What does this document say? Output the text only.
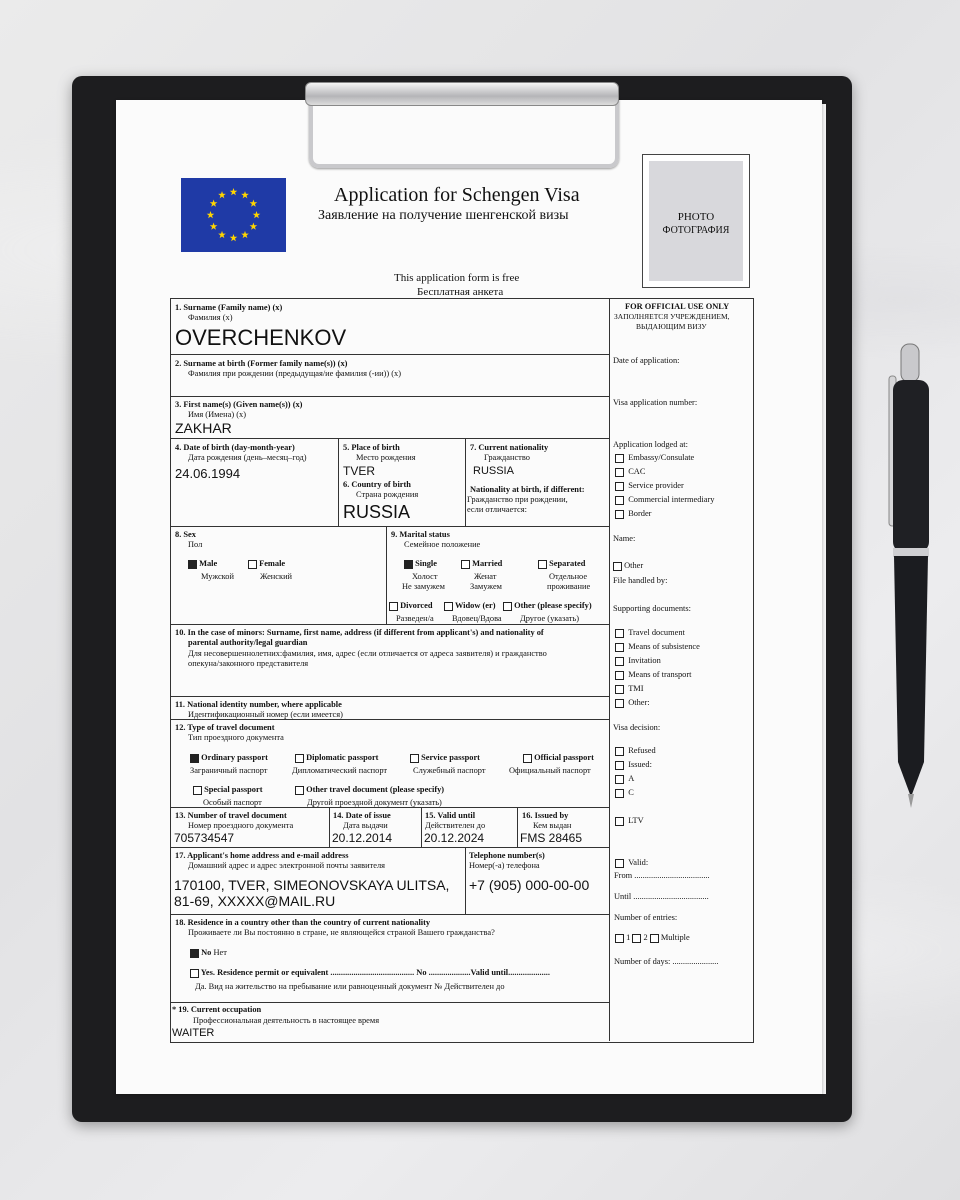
Application for Schengen Visa
Заявление на получение шенгенской визы
This application form is free
Бесплатная анкета
PHOTO
ФОТОГРАФИЯ
1. Surname (Family name) (x)
Фамилия (x)
OVERCHENKOV
2. Surname at birth (Former family name(s)) (x)
Фамилия при рождении (предыдущая/ие фамилия (-ии)) (x)
3. First name(s) (Given name(s)) (x)
Имя (Имена) (x)
ZAKHAR
4. Date of birth (day-month-year)
Дата рождения (день–месяц–год)
24.06.1994
5. Place of birth
Место рождения
TVER
6. Country of birth
Страна рождения
RUSSIA
7. Current nationality
Гражданство
RUSSIA
Nationality at birth, if different:
Гражданство при рождении,
если отличается:
8. Sex
Пол
Male
Мужской
Female
Женский
9. Marital status
Семейное положение
Single
Холост
Не замужем
Married
Женат
Замужем
Separated
Отдельное
проживание
Divorced
Разведен/а
Widow (er)
Вдовец/Вдова
Other (please specify)
Другое (указать)
10. In the case of minors: Surname, first name, address (if different from applicant's) and nationality of
parental authority/legal guardian
Для несовершеннолетних:фамилия, имя, адрес (если отличается от адреса заявителя) и гражданство
опекуна/законного представителя
11. National identity number, where applicable
Идентификационный номер (если имеется)
12. Type of travel document
Тип проездного документа
Ordinary passport
Заграничный паспорт
Diplomatic passport
Дипломатический паспорт
Service passport
Служебный паспорт
Official passport
Официальный паспорт
Special passport
Особый паспорт
Other travel document (please specify)
Другой проездной документ (указать)
13. Number of travel document
Номер проездного документа
705734547
14. Date of issue
Дата выдачи
20.12.2014
15. Valid until
Действителен до
20.12.2024
16. Issued by
Кем выдан
FMS 28465
17. Applicant's home address and e-mail address
Домашний адрес и адрес электронной почты заявителя
170100, TVER, SIMEONOVSKAYA ULITSA,
81-69, XXXXX@MAIL.RU
Telephone number(s)
Номер(-а) телефона
+7 (905) 000-00-00
18. Residence in a country other than the country of current nationality
Проживаете ли Вы постоянно в стране, не являющейся страной Вашего гражданства?
No Нет
Yes. Residence permit or equivalent ........................................ No ....................Valid until....................
Да. Вид на жительство на пребывание или равноценный документ № Действителен до
* 19. Current occupation
Профессиональная деятельность в настоящее время
WAITER
FOR OFFICIAL USE ONLY
ЗАПОЛНЯЕТСЯ УЧРЕЖДЕНИЕМ,
ВЫДАЮЩИМ ВИЗУ
Date of application:
Visa application number:
Application lodged at:
Embassy/Consulate
CAC
Service provider
Commercial intermediary
Border
Name:
Other
File handled by:
Supporting documents:
Travel document
Means of subsistence
Invitation
Means of transport
TMI
Other:
Visa decision:
Refused
Issued:
A
C
LTV
Valid:
From ....................................
Until ....................................
Number of entries:
1 2 Multiple
Number of days: ......................
